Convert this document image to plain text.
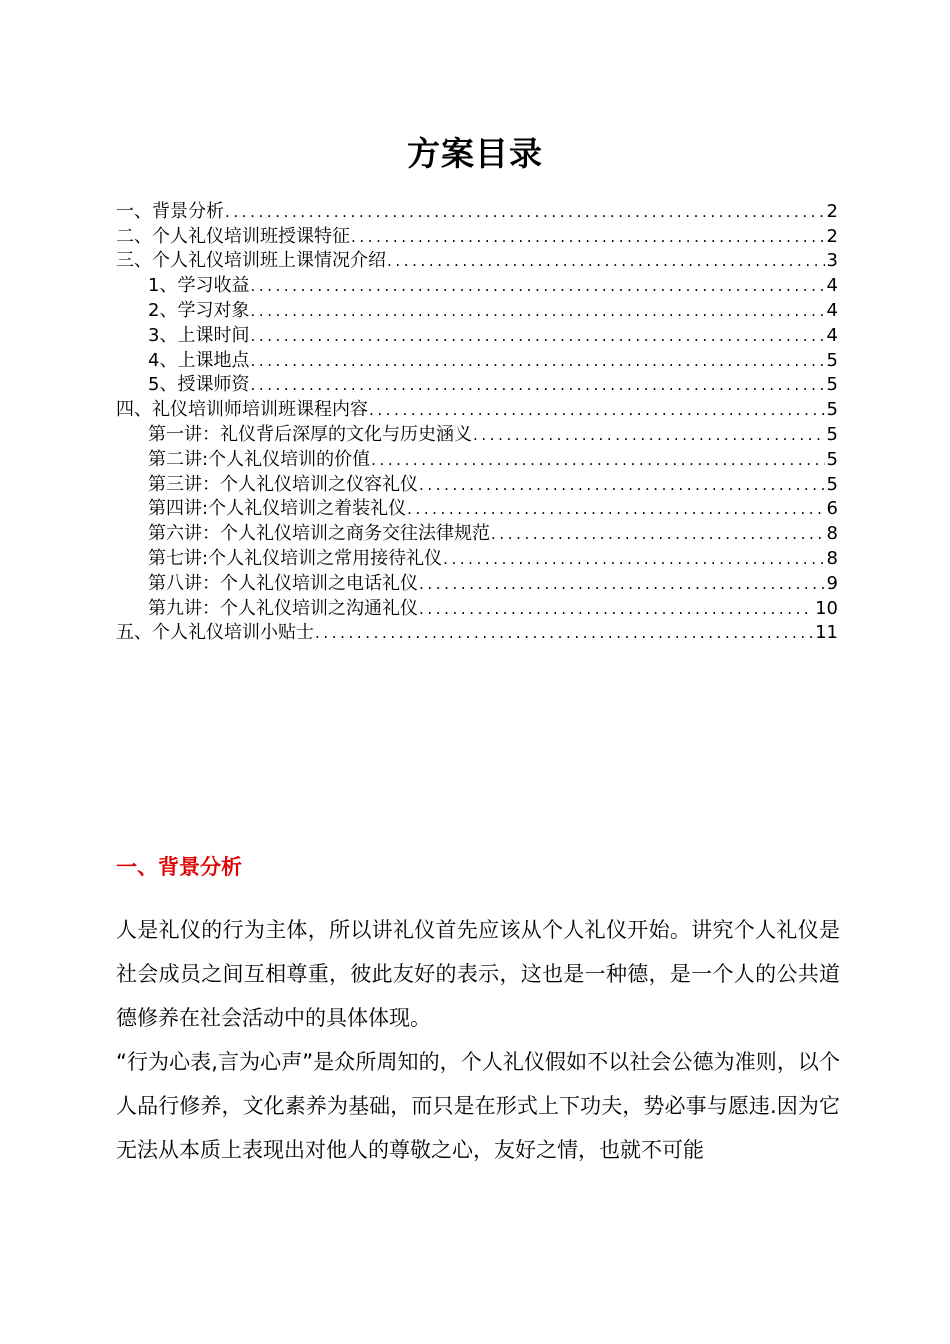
方案目录
一、背景分析 .....	2
二、个人礼仪培训班授课特征 .....	2
三、个人礼仪培训班上课情况介绍 .....	3
1、学习收益 .....	4
2、学习对象 .....	4
3、上课时间 .....	4
4、上课地点 .....	5
5、授课师资 .....	5
四、礼仪培训师培训班课程内容 .....	5
第一讲：礼仪背后深厚的文化与历史涵义 .....	5
第二讲:个人礼仪培训的价值 .....	5
第三讲：个人礼仪培训之仪容礼仪 .....	5
第四讲:个人礼仪培训之着装礼仪 .....	6
第六讲：个人礼仪培训之商务交往法律规范 .....	8
第七讲:个人礼仪培训之常用接待礼仪 .....	8
第八讲：个人礼仪培训之电话礼仪 .....	9
第九讲：个人礼仪培训之沟通礼仪 .....	10
五、个人礼仪培训小贴士 .....	11
一、背景分析

人是礼仪的行为主体，所以讲礼仪首先应该从个人礼仪开始。讲究个人礼仪是社会成员之间互相尊重，彼此友好的表示，这也是一种德，是一个人的公共道德修养在社会活动中的具体体现。

“行为心表,言为心声”是众所周知的，个人礼仪假如不以社会公德为准则，以个人品行修养，文化素养为基础，而只是在形式上下功夫，势必事与愿违.因为它无法从本质上表现出对他人的尊敬之心，友好之情，也就不可能
